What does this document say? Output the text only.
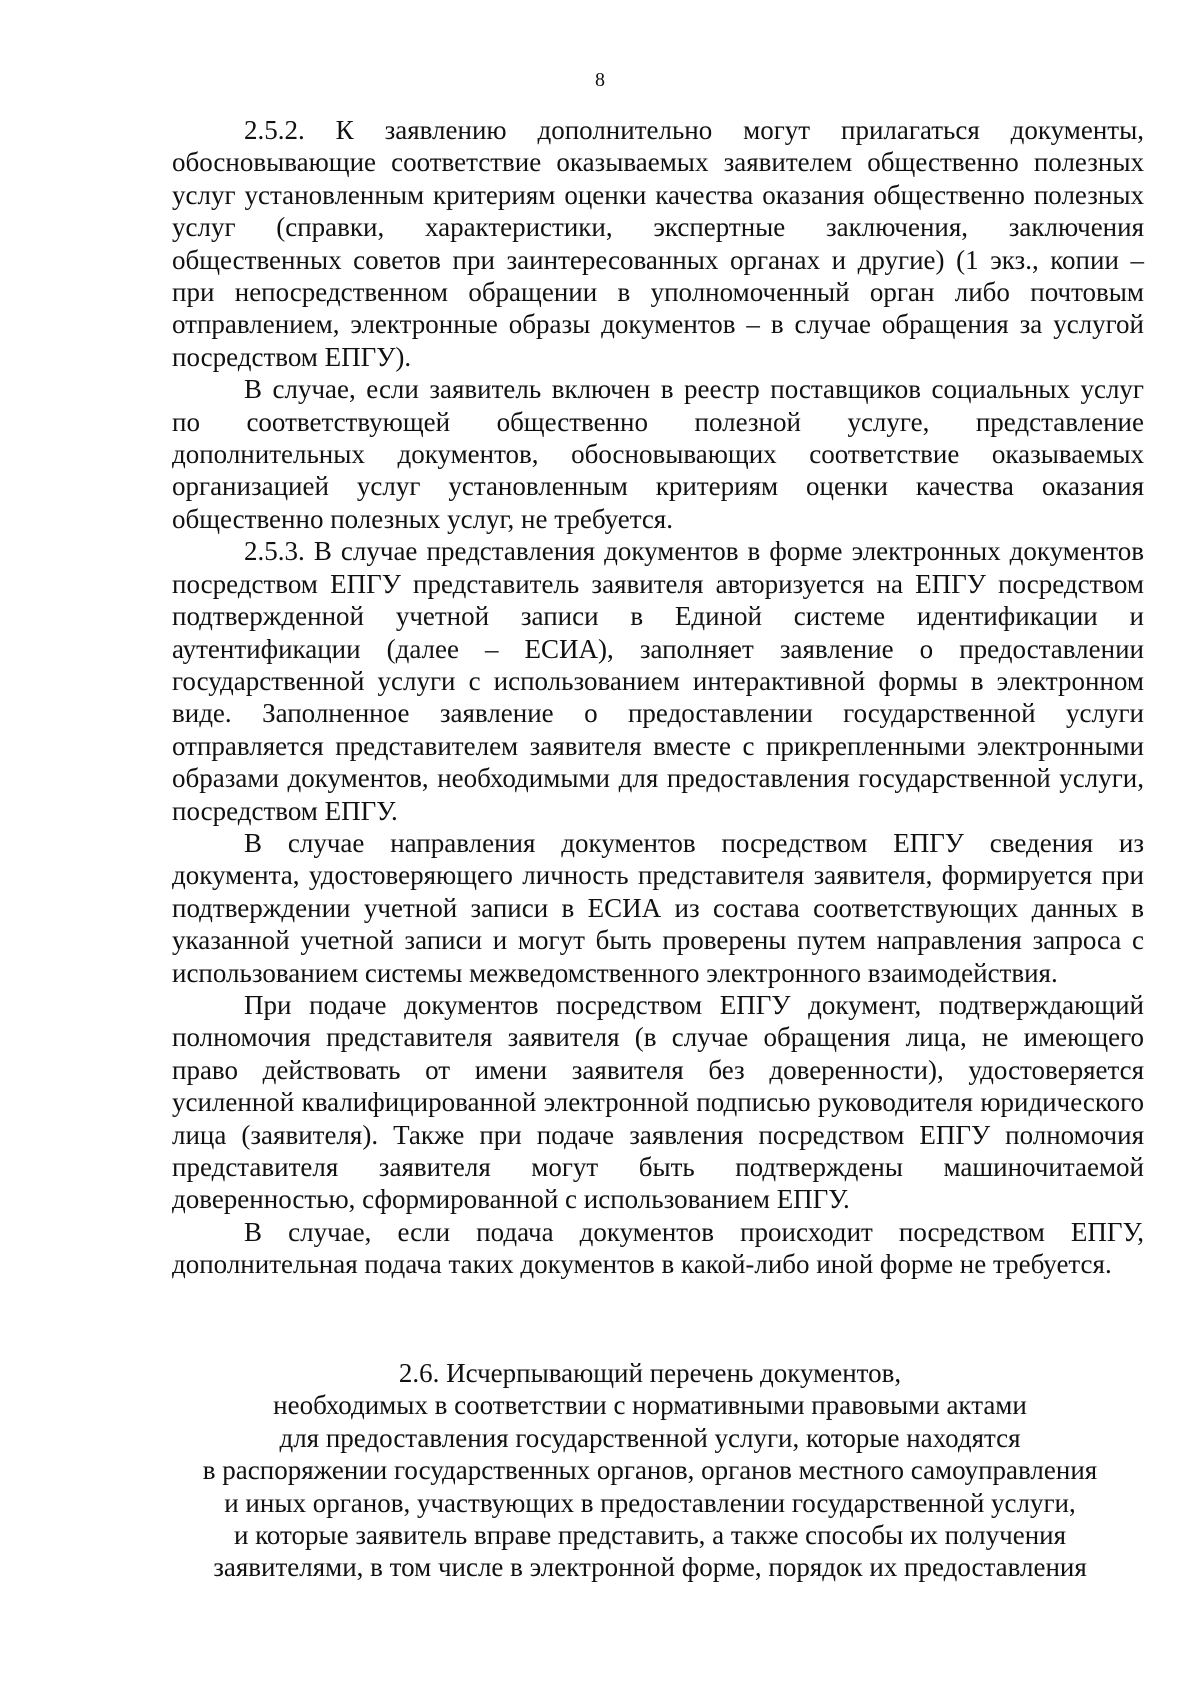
8

2.5.2. К заявлению дополнительно могут прилагаться документы, обосновывающие соответствие оказываемых заявителем общественно полезных услуг установленным критериям оценки качества оказания общественно полезных услуг (справки, характеристики, экспертные заключения, заключения общественных советов при заинтересованных органах и другие) (1 экз., копии – при непосредственном обращении в уполномоченный орган либо почтовым отправлением, электронные образы документов – в случае обращения за услугой посредством ЕПГУ).

В случае, если заявитель включен в реестр поставщиков социальных услуг по соответствующей общественно полезной услуге, представление дополнительных документов, обосновывающих соответствие оказываемых организацией услуг установленным критериям оценки качества оказания общественно полезных услуг, не требуется.

2.5.3. В случае представления документов в форме электронных документов посредством ЕПГУ представитель заявителя авторизуется на ЕПГУ посредством подтвержденной учетной записи в Единой системе идентификации и аутентификации (далее – ЕСИА), заполняет заявление о предоставлении государственной услуги с использованием интерактивной формы в электронном виде. Заполненное заявление о предоставлении государственной услуги отправляется представителем заявителя вместе с прикрепленными электронными образами документов, необходимыми для предоставления государственной услуги, посредством ЕПГУ.

В случае направления документов посредством ЕПГУ сведения из документа, удостоверяющего личность представителя заявителя, формируется при подтверждении учетной записи в ЕСИА из состава соответствующих данных в указанной учетной записи и могут быть проверены путем направления запроса с использованием системы межведомственного электронного взаимодействия.

При подаче документов посредством ЕПГУ документ, подтверждающий полномочия представителя заявителя (в случае обращения лица, не имеющего право действовать от имени заявителя без доверенности), удостоверяется усиленной квалифицированной электронной подписью руководителя юридического лица (заявителя). Также при подаче заявления посредством ЕПГУ полномочия представителя заявителя могут быть подтверждены машиночитаемой доверенностью, сформированной с использованием ЕПГУ.

В случае, если подача документов происходит посредством ЕПГУ, дополнительная подача таких документов в какой-либо иной форме не требуется.

2.6. Исчерпывающий перечень документов,
необходимых в соответствии с нормативными правовыми актами
для предоставления государственной услуги, которые находятся
в распоряжении государственных органов, органов местного самоуправления
и иных органов, участвующих в предоставлении государственной услуги,
и которые заявитель вправе представить, а также способы их получения
заявителями, в том числе в электронной форме, порядок их предоставления
